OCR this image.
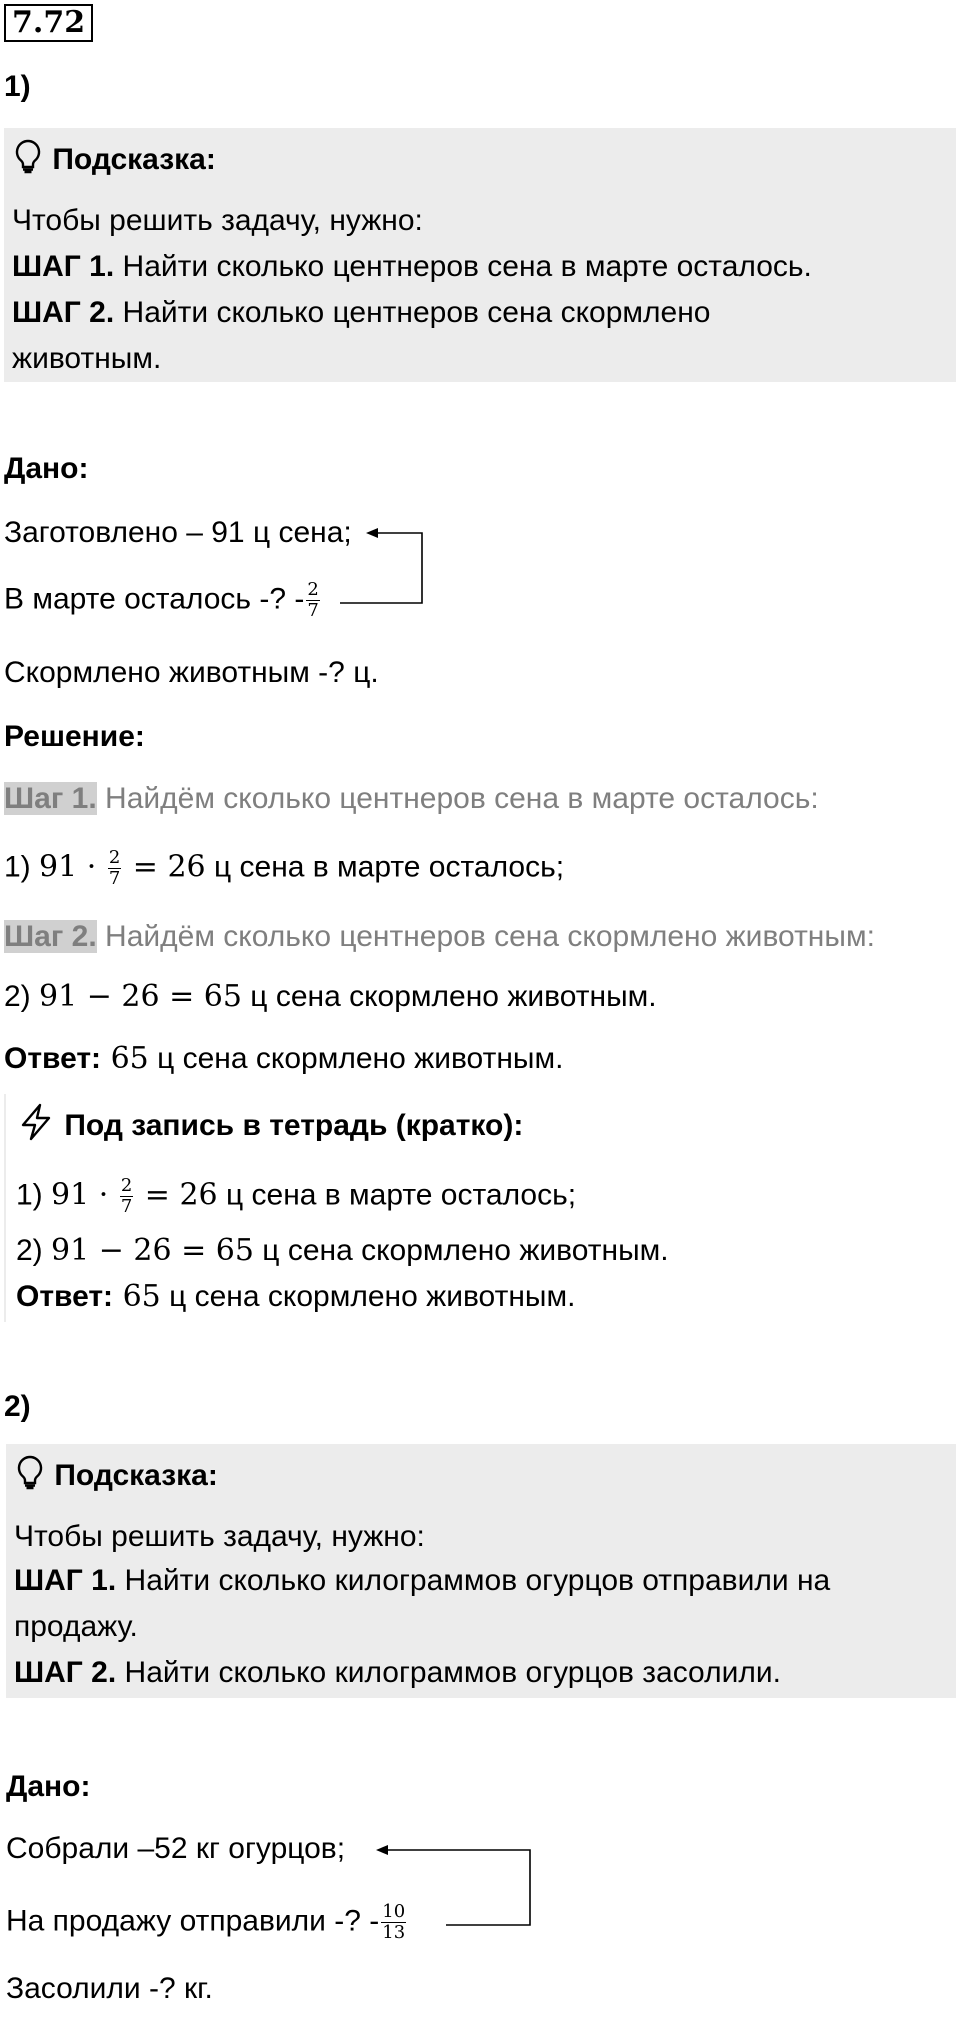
7.72
1)
Подсказка:
Чтобы решить задачу, нужно:
ШАГ 1. Найти сколько центнеров сена в марте осталось.
ШАГ 2. Найти сколько центнеров сена скормлено
животным.
Дано:
Заготовлено – 91 ц сена;
В марте осталось -? - $\frac{2}{7}$
Скормлено животным -? ц.
Решение:
Шаг 1. Найдём сколько центнеров сена в марте осталось:
1) $91 \cdot \frac{2}{7} = 26$ ц сена в марте осталось;
Шаг 2. Найдём сколько центнеров сена скормлено животным:
2) 91 − 26 = 65 ц сена скормлено животным.
Ответ: 65 ц сена скормлено животным.
Под запись в тетрадь (кратко):
1) $91 \cdot \frac{2}{7} = 26$ ц сена в марте осталось;
2) 91 − 26 = 65 ц сена скормлено животным.
Ответ: 65 ц сена скормлено животным.
2)
Подсказка:
Чтобы решить задачу, нужно:
ШАГ 1. Найти сколько килограммов огурцов отправили на
продажу.
ШАГ 2. Найти сколько килограммов огурцов засолили.
Дано:
Собрали –52 кг огурцов;
На продажу отправили -? - $\frac{10}{13}$
Засолили -? кг.
